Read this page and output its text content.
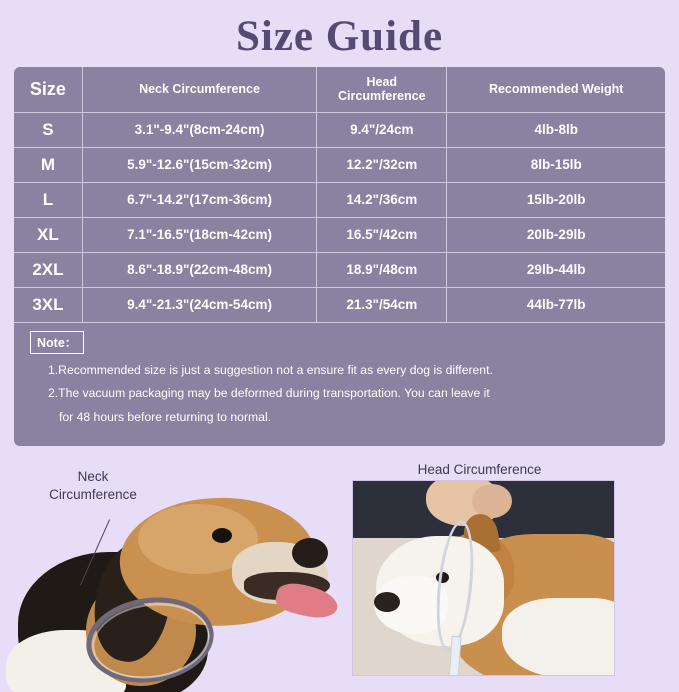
Size Guide
Size	Neck Circumference	Head Circumference	Recommended Weight
S	3.1"-9.4"(8cm-24cm)	9.4"/24cm	4lb-8lb
M	5.9"-12.6"(15cm-32cm)	12.2"/32cm	8lb-15lb
L	6.7"-14.2"(17cm-36cm)	14.2"/36cm	15lb-20lb
XL	7.1"-16.5"(18cm-42cm)	16.5"/42cm	20lb-29lb
2XL	8.6"-18.9"(22cm-48cm)	18.9"/48cm	29lb-44lb
3XL	9.4"-21.3"(24cm-54cm)	21.3"/54cm	44lb-77lb
Note：
1.Recommended size is just a suggestion not a ensure fit as every dog is different.
2.The vacuum packaging may be deformed during transportation. You can leave it
for 48 hours before returning to normal.
Neck
Circumference
Head Circumference
